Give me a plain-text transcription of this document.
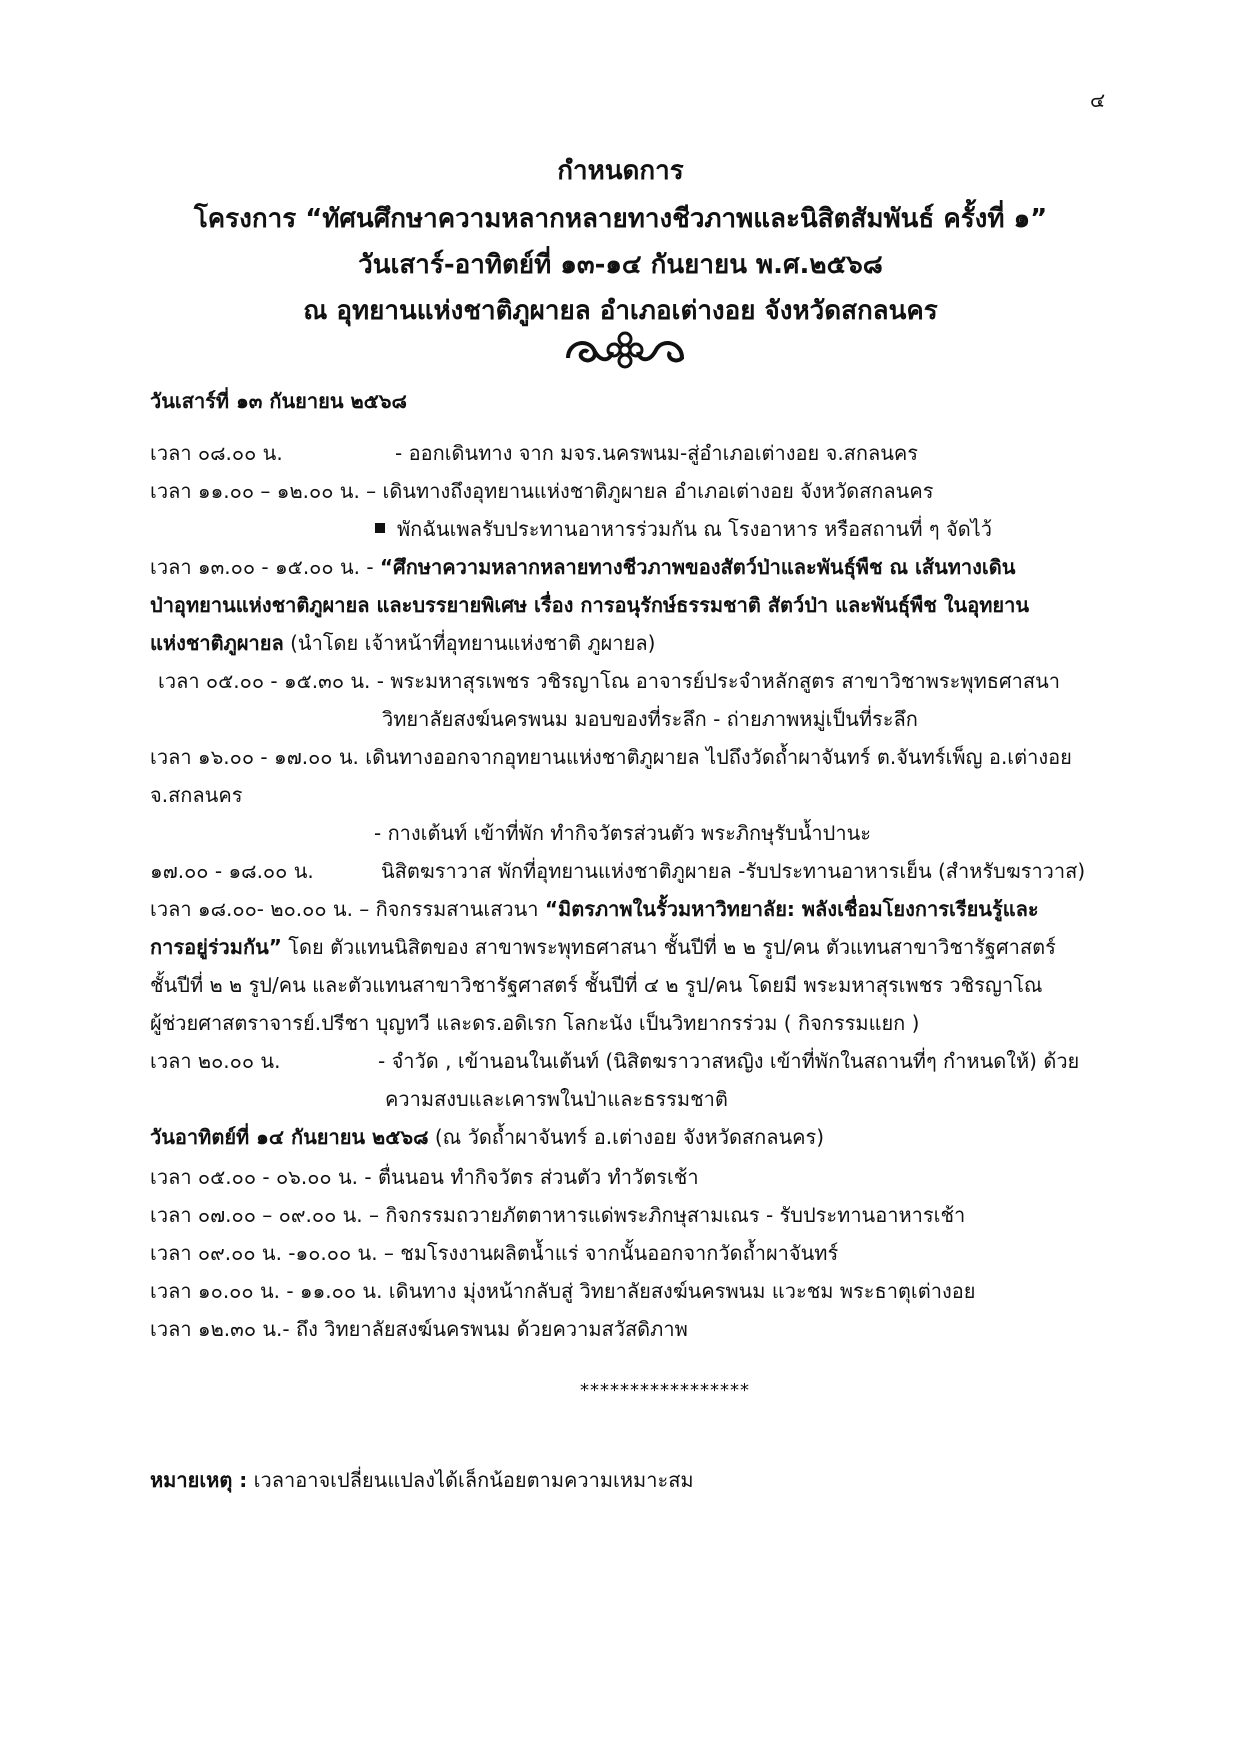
๔
กำหนดการ
โครงการ “ทัศนศึกษาความหลากหลายทางชีวภาพและนิสิตสัมพันธ์ ครั้งที่ ๑”
วันเสาร์-อาทิตย์ที่ ๑๓-๑๔ กันยายน พ.ศ.๒๕๖๘
ณ อุทยานแห่งชาติภูผายล อำเภอเต่างอย จังหวัดสกลนคร
วันเสาร์ที่ ๑๓ กันยายน ๒๕๖๘
เวลา ๐๘.๐๐ น.	- ออกเดินทาง จาก มจร.นครพนม-สู่อำเภอเต่างอย จ.สกลนคร
เวลา ๑๑.๐๐ – ๑๒.๐๐ น. – เดินทางถึงอุทยานแห่งชาติภูผายล อำเภอเต่างอย จังหวัดสกลนคร
พักฉันเพลรับประทานอาหารร่วมกัน ณ โรงอาหาร หรือสถานที่ ๆ จัดไว้
เวลา ๑๓.๐๐ - ๑๕.๐๐ น. - “ศึกษาความหลากหลายทางชีวภาพของสัตว์ป่าและพันธุ์พืช ณ เส้นทางเดิน
ป่าอุทยานแห่งชาติภูผายล และบรรยายพิเศษ เรื่อง การอนุรักษ์ธรรมชาติ สัตว์ป่า และพันธุ์พืช ในอุทยาน
แห่งชาติภูผายล (นำโดย เจ้าหน้าที่อุทยานแห่งชาติ ภูผายล)
เวลา ๐๕.๐๐ - ๑๕.๓๐ น. - พระมหาสุรเพชร วชิรญาโณ อาจารย์ประจำหลักสูตร สาขาวิชาพระพุทธศาสนา
วิทยาลัยสงฆ์นครพนม มอบของที่ระลึก - ถ่ายภาพหมู่เป็นที่ระลึก
เวลา ๑๖.๐๐ - ๑๗.๐๐ น. เดินทางออกจากอุทยานแห่งชาติภูผายล ไปถึงวัดถ้ำผาจันทร์ ต.จันทร์เพ็ญ อ.เต่างอย
จ.สกลนคร
- กางเต้นท์ เข้าที่พัก ทำกิจวัตรส่วนตัว พระภิกษุรับน้ำปานะ
๑๗.๐๐ - ๑๘.๐๐ น.	นิสิตฆราวาส พักที่อุทยานแห่งชาติภูผายล -รับประทานอาหารเย็น (สำหรับฆราวาส)
เวลา ๑๘.๐๐- ๒๐.๐๐ น. – กิจกรรมสานเสวนา “มิตรภาพในรั้วมหาวิทยาลัย: พลังเชื่อมโยงการเรียนรู้และ
การอยู่ร่วมกัน” โดย ตัวแทนนิสิตของ สาขาพระพุทธศาสนา ชั้นปีที่ ๒ ๒ รูป/คน ตัวแทนสาขาวิชารัฐศาสตร์
ชั้นปีที่ ๒ ๒ รูป/คน และตัวแทนสาขาวิชารัฐศาสตร์ ชั้นปีที่ ๔ ๒ รูป/คน โดยมี พระมหาสุรเพชร วชิรญาโณ
ผู้ช่วยศาสตราจารย์.ปรีชา บุญทวี และดร.อดิเรก โลกะนัง เป็นวิทยากรร่วม ( กิจกรรมแยก )
เวลา ๒๐.๐๐ น.	- จำวัด , เข้านอนในเต้นท์ (นิสิตฆราวาสหญิง เข้าที่พักในสถานที่ๆ กำหนดให้) ด้วย
ความสงบและเคารพในป่าและธรรมชาติ
วันอาทิตย์ที่ ๑๔ กันยายน ๒๕๖๘ (ณ วัดถ้ำผาจันทร์ อ.เต่างอย จังหวัดสกลนคร)
เวลา ๐๕.๐๐ - ๐๖.๐๐ น. - ตื่นนอน ทำกิจวัตร ส่วนตัว ทำวัตรเช้า
เวลา ๐๗.๐๐ – ๐๙.๐๐ น. – กิจกรรมถวายภัตตาหารแด่พระภิกษุสามเณร - รับประทานอาหารเช้า
เวลา ๐๙.๐๐ น. -๑๐.๐๐ น. – ชมโรงงานผลิตน้ำแร่ จากนั้นออกจากวัดถ้ำผาจันทร์
เวลา ๑๐.๐๐ น. - ๑๑.๐๐ น. เดินทาง มุ่งหน้ากลับสู่ วิทยาลัยสงฆ์นครพนม แวะชม พระธาตุเต่างอย
เวลา ๑๒.๓๐ น.- ถึง วิทยาลัยสงฆ์นครพนม ด้วยความสวัสดิภาพ
*****************
หมายเหตุ : เวลาอาจเปลี่ยนแปลงได้เล็กน้อยตามความเหมาะสม
